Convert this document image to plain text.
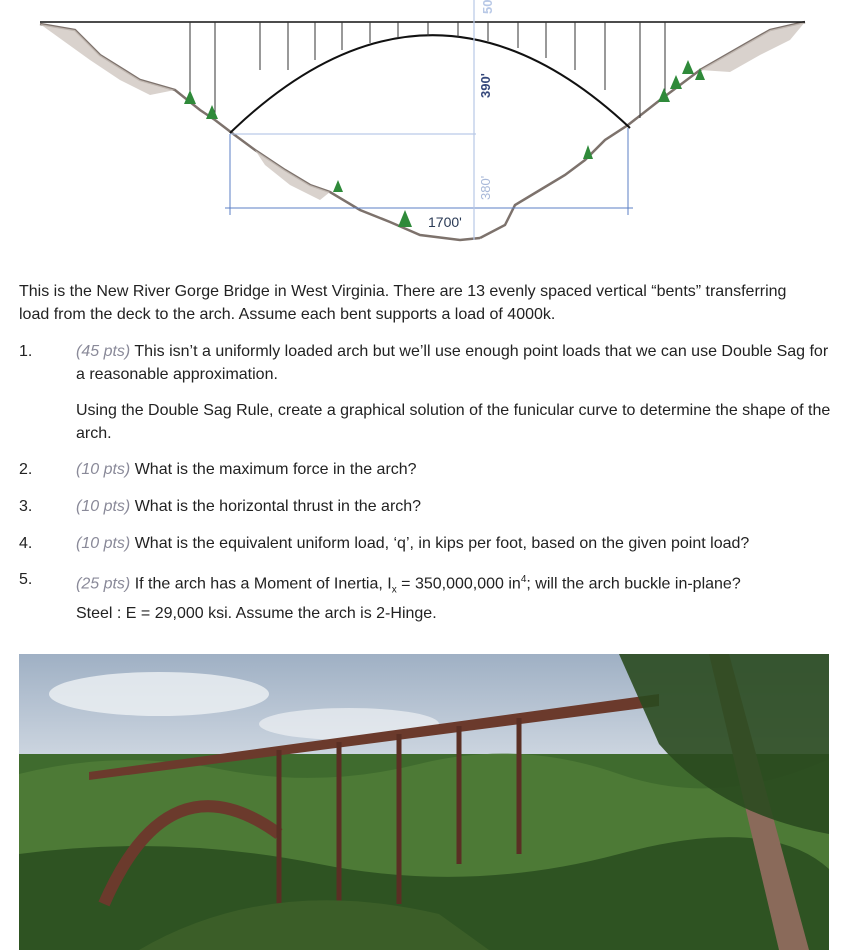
1700'
390'
380'
50
This is the New River Gorge Bridge in West Virginia. There are 13 evenly spaced vertical “bents” transferring load from the deck to the arch. Assume each bent supports a load of 4000k.
1.	(45 pts) This isn’t a uniformly loaded arch but we’ll use enough point loads that we can use Double Sag for a reasonable approximation.
Using the Double Sag Rule, create a graphical solution of the funicular curve to determine the shape of the arch.
2.	(10 pts) What is the maximum force in the arch?
3.	(10 pts) What is the horizontal thrust in the arch?
4.	(10 pts) What is the equivalent uniform load, ‘q’, in kips per foot, based on the given point load?
5.	(25 pts) If the arch has a Moment of Inertia, $I_x = 350,000,000$ $in^4$; will the arch buckle in-plane?
Steel : E = 29,000 ksi. Assume the arch is 2-Hinge.
